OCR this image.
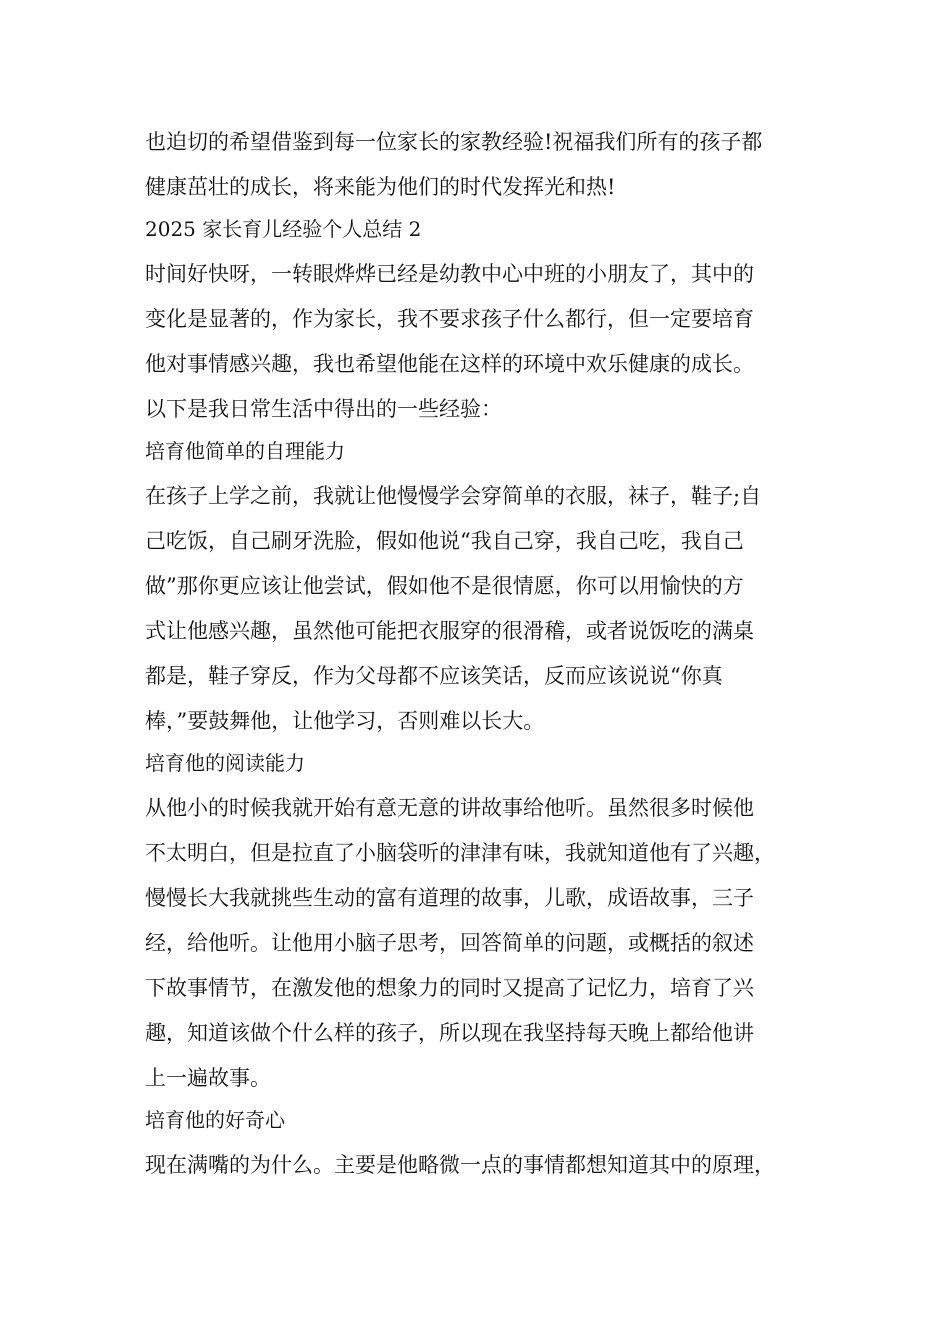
也迫切的希望借鉴到每一位家长的家教经验!祝福我们所有的孩子都
健康茁壮的成长，将来能为他们的时代发挥光和热!
2025 家长育儿经验个人总结 2
时间好快呀，一转眼烨烨已经是幼教中心中班的小朋友了，其中的
变化是显著的，作为家长，我不要求孩子什么都行，但一定要培育
他对事情感兴趣，我也希望他能在这样的环境中欢乐健康的成长。
以下是我日常生活中得出的一些经验：
培育他简单的自理能力
在孩子上学之前，我就让他慢慢学会穿简单的衣服，袜子，鞋子;自
己吃饭，自己刷牙洗脸，假如他说“我自己穿，我自己吃，我自己
做”那你更应该让他尝试，假如他不是很情愿，你可以用愉快的方
式让他感兴趣，虽然他可能把衣服穿的很滑稽，或者说饭吃的满桌
都是，鞋子穿反，作为父母都不应该笑话，反而应该说说“你真
棒，”要鼓舞他，让他学习，否则难以长大。
培育他的阅读能力
从他小的时候我就开始有意无意的讲故事给他听。虽然很多时候他
不太明白，但是拉直了小脑袋听的津津有味，我就知道他有了兴趣，
慢慢长大我就挑些生动的富有道理的故事，儿歌，成语故事，三子
经，给他听。让他用小脑子思考，回答简单的问题，或概括的叙述
下故事情节，在激发他的想象力的同时又提高了记忆力，培育了兴
趣，知道该做个什么样的孩子，所以现在我坚持每天晚上都给他讲
上一遍故事。
培育他的好奇心
现在满嘴的为什么。主要是他略微一点的事情都想知道其中的原理，
